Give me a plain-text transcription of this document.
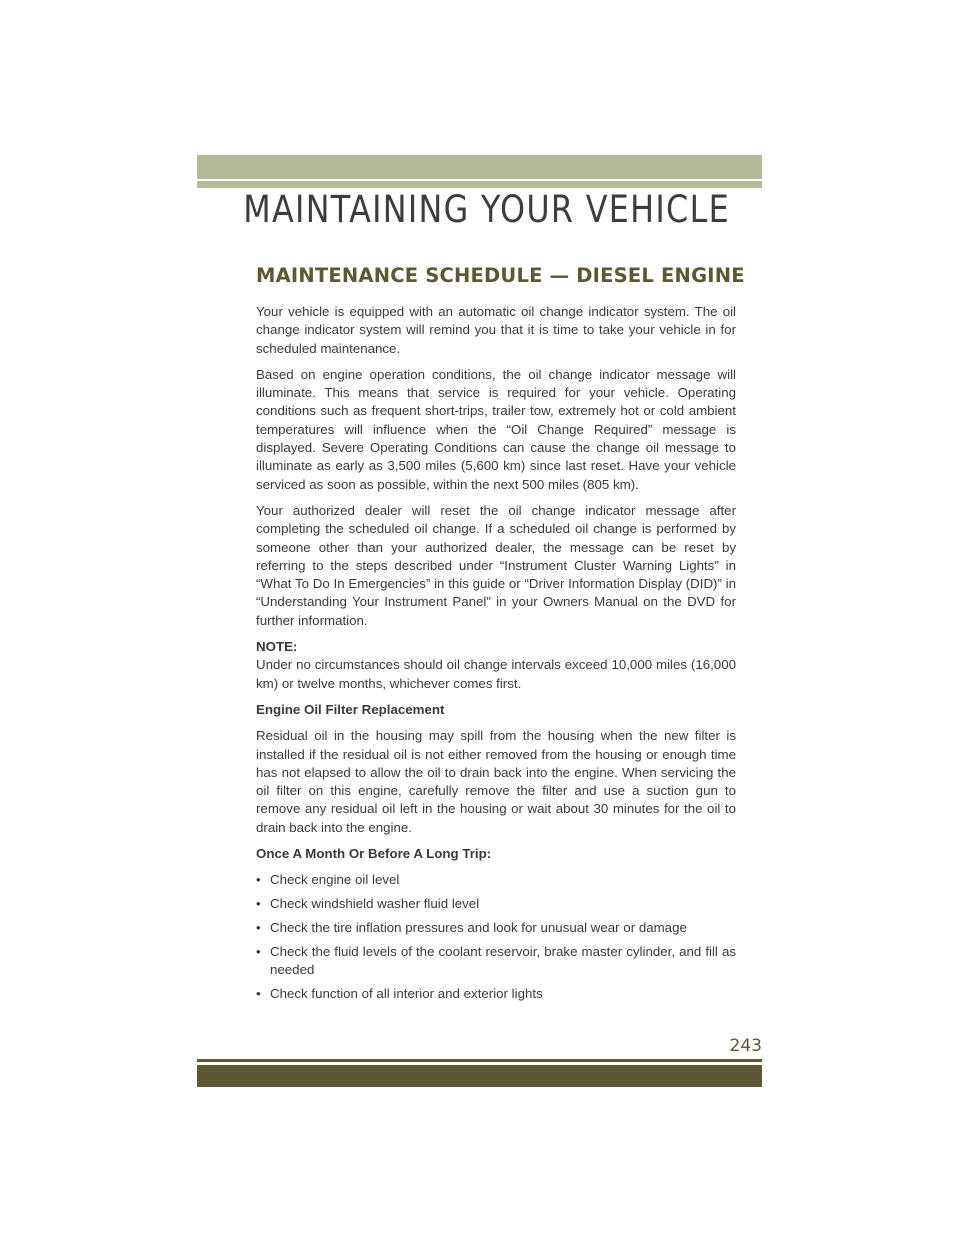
MAINTAINING YOUR VEHICLE
MAINTENANCE SCHEDULE — DIESEL ENGINE

Your vehicle is equipped with an automatic oil change indicator system. The oil change indicator system will remind you that it is time to take your vehicle in for scheduled maintenance.

Based on engine operation conditions, the oil change indicator message will illuminate. This means that service is required for your vehicle. Operating conditions such as frequent short-trips, trailer tow, extremely hot or cold ambient temperatures will influence when the “Oil Change Required” message is displayed. Severe Operating Conditions can cause the change oil message to illuminate as early as 3,500 miles (5,600 km) since last reset. Have your vehicle serviced as soon as possible, within the next 500 miles (805 km).

Your authorized dealer will reset the oil change indicator message after completing the scheduled oil change. If a scheduled oil change is performed by someone other than your authorized dealer, the message can be reset by referring to the steps described under “Instrument Cluster Warning Lights” in “What To Do In Emergencies” in this guide or “Driver Information Display (DID)” in “Understanding Your Instrument Panel” in your Owners Manual on the DVD for further information.

NOTE:

Under no circumstances should oil change intervals exceed 10,000 miles (16,000 km) or twelve months, whichever comes first.

Engine Oil Filter Replacement

Residual oil in the housing may spill from the housing when the new filter is installed if the residual oil is not either removed from the housing or enough time has not elapsed to allow the oil to drain back into the engine. When servicing the oil filter on this engine, carefully remove the filter and use a suction gun to remove any residual oil left in the housing or wait about 30 minutes for the oil to drain back into the engine.

Once A Month Or Before A Long Trip:

• Check engine oil level
• Check windshield washer fluid level
• Check the tire inflation pressures and look for unusual wear or damage
• Check the fluid levels of the coolant reservoir, brake master cylinder, and fill as needed
• Check function of all interior and exterior lights
243
